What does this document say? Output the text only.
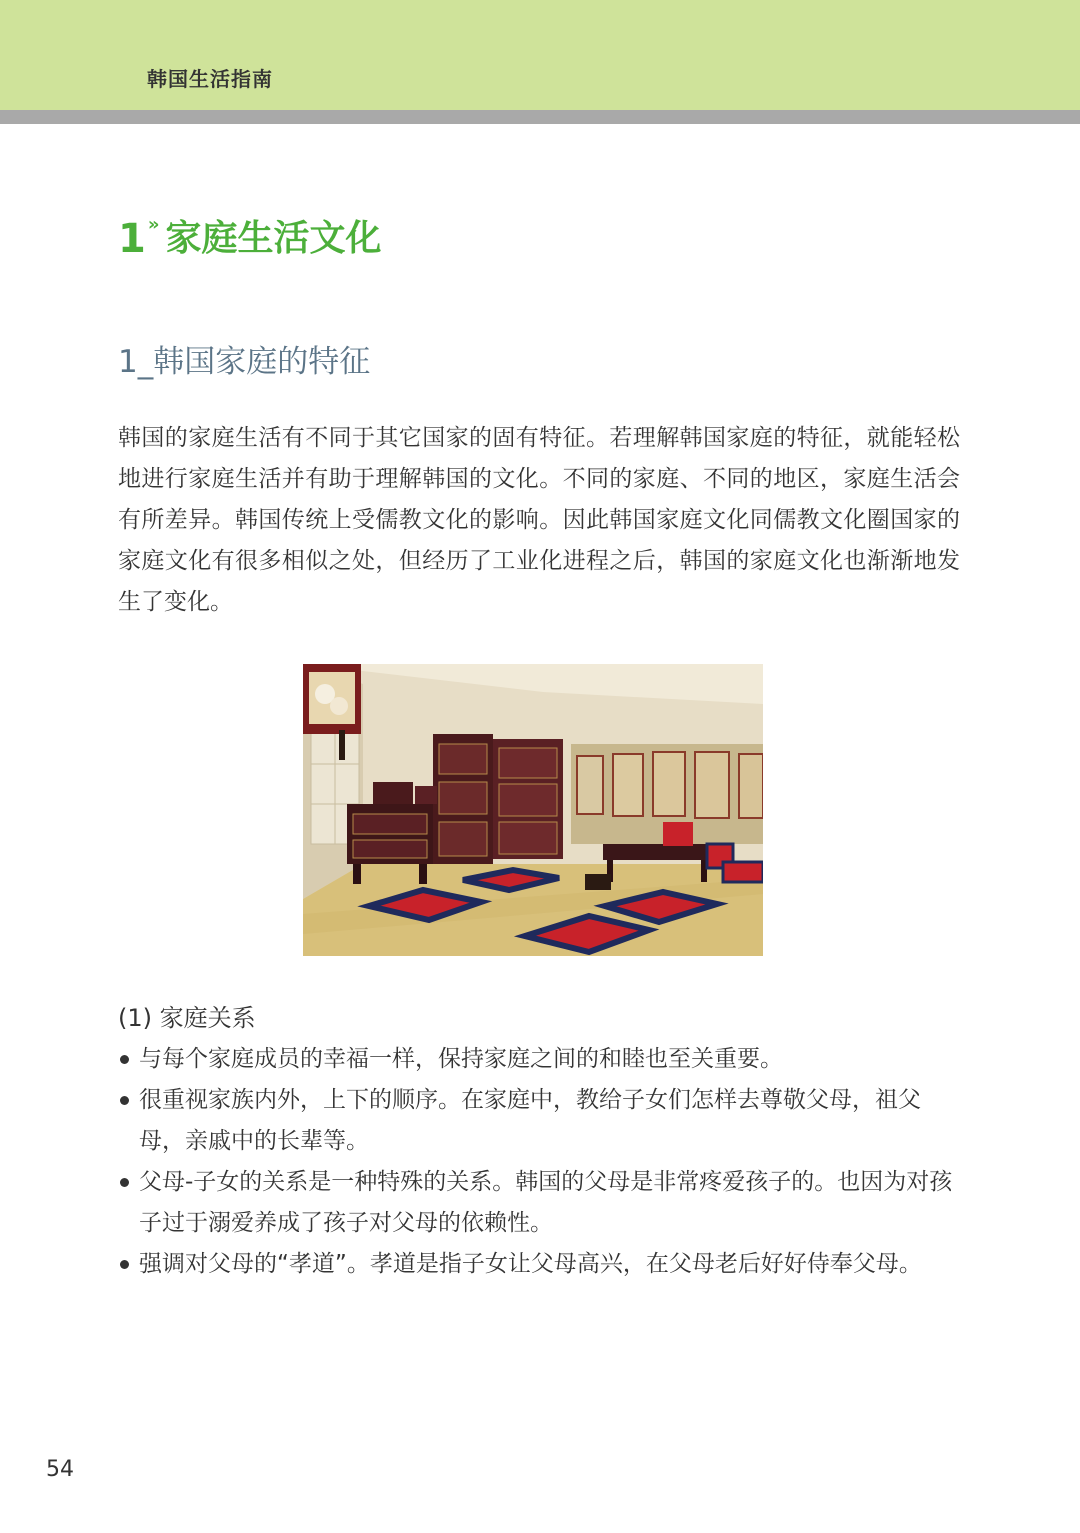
韩国生活指南
1 » 家庭生活文化
1_韩国家庭的特征

韩国的家庭生活有不同于其它国家的固有特征。若理解韩国家庭的特征，就能轻松地进行家庭生活并有助于理解韩国的文化。不同的家庭、不同的地区，家庭生活会有所差异。韩国传统上受儒教文化的影响。因此韩国家庭文化同儒教文化圈国家的家庭文化有很多相似之处，但经历了工业化进程之后，韩国的家庭文化也渐渐地发生了变化。

(1) 家庭关系
与每个家庭成员的幸福一样，保持家庭之间的和睦也至关重要。
很重视家族内外，上下的顺序。在家庭中，教给子女们怎样去尊敬父母，祖父母，亲戚中的长辈等。
父母-子女的关系是一种特殊的关系。韩国的父母是非常疼爱孩子的。也因为对孩子过于溺爱养成了孩子对父母的依赖性。
强调对父母的“孝道”。孝道是指子女让父母高兴，在父母老后好好侍奉父母。
54
